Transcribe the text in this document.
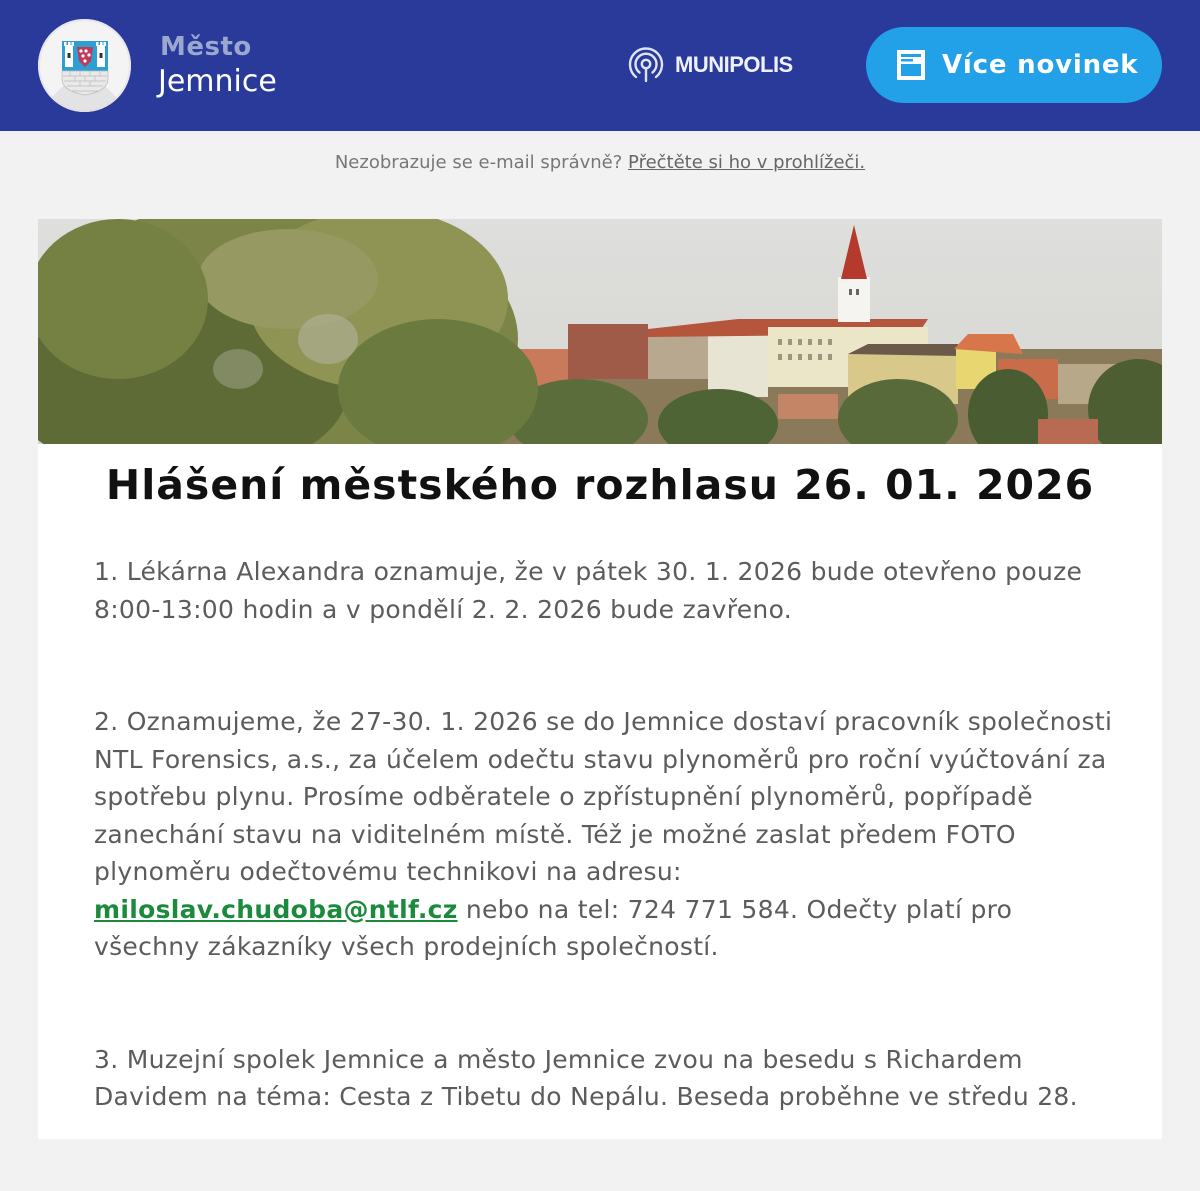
Město
Jemnice	MUNIPOLIS	Více novinek
Nezobrazuje se e-mail správně? Přečtěte si ho v prohlížeči.
Hlášení městského rozhlasu 26. 01. 2026

1. Lékárna Alexandra oznamuje, že v pátek 30. 1. 2026 bude otevřeno pouze 8:00-13:00 hodin a v pondělí 2. 2. 2026 bude zavřeno.

2. Oznamujeme, že 27-30. 1. 2026 se do Jemnice dostaví pracovník společnosti NTL Forensics, a.s., za účelem odečtu stavu plynoměrů pro roční vyúčtování za spotřebu plynu. Prosíme odběratele o zpřístupnění plynoměrů, popřípadě zanechání stavu na viditelném místě. Též je možné zaslat předem FOTO plynoměru odečtovému technikovi na adresu:
miloslav.chudoba@ntlf.cz nebo na tel: 724 771 584. Odečty platí pro všechny zákazníky všech prodejních společností.

3. Muzejní spolek Jemnice a město Jemnice zvou na besedu s Richardem Davidem na téma: Cesta z Tibetu do Nepálu. Beseda proběhne ve středu 28.
